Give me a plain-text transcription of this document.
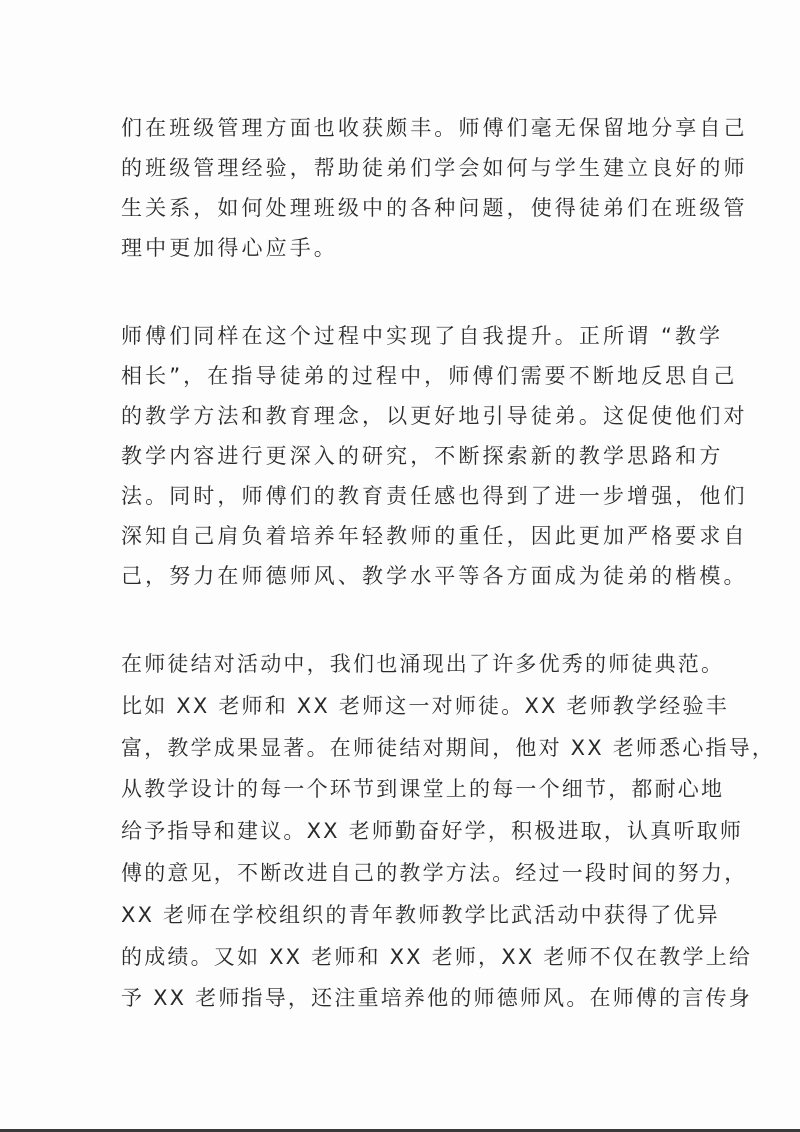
们在班级管理方面也收获颇丰。师傅们毫无保留地分享自己
的班级管理经验，帮助徒弟们学会如何与学生建立良好的师
生关系，如何处理班级中的各种问题，使得徒弟们在班级管
理中更加得心应手。

师傅们同样在这个过程中实现了自我提升。正所谓 “教学
相长”，在指导徒弟的过程中，师傅们需要不断地反思自己
的教学方法和教育理念，以更好地引导徒弟。这促使他们对
教学内容进行更深入的研究，不断探索新的教学思路和方
法。同时，师傅们的教育责任感也得到了进一步增强，他们
深知自己肩负着培养年轻教师的重任，因此更加严格要求自
己，努力在师德师风、教学水平等各方面成为徒弟的楷模。

在师徒结对活动中，我们也涌现出了许多优秀的师徒典范。
比如 XX 老师和 XX 老师这一对师徒。XX 老师教学经验丰
富，教学成果显著。在师徒结对期间，他对 XX 老师悉心指导，
从教学设计的每一个环节到课堂上的每一个细节，都耐心地
给予指导和建议。XX 老师勤奋好学，积极进取，认真听取师
傅的意见，不断改进自己的教学方法。经过一段时间的努力，
XX 老师在学校组织的青年教师教学比武活动中获得了优异
的成绩。又如 XX 老师和 XX 老师，XX 老师不仅在教学上给
予 XX 老师指导，还注重培养他的师德师风。在师傅的言传身
